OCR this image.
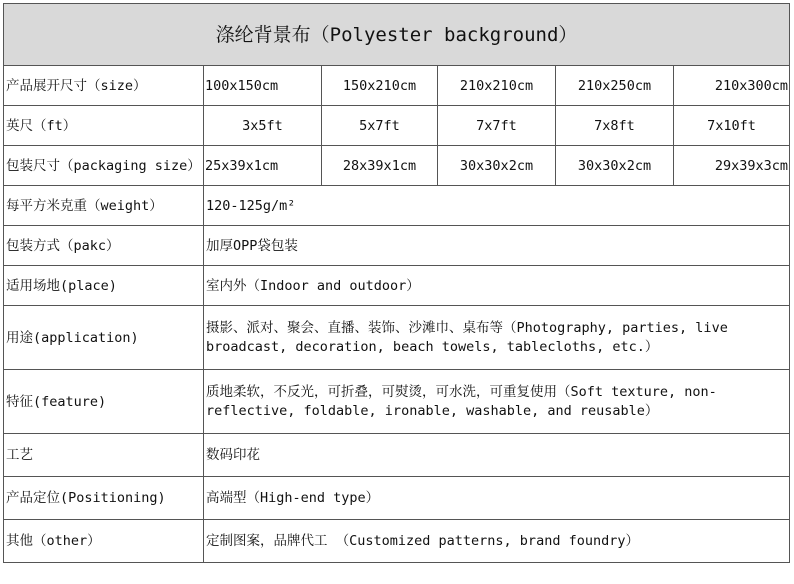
涤纶背景布（Polyester background）					
产品展开尺寸（size）	100x150cm	150x210cm	210x210cm	210x250cm	210x300cm
英尺（ft）	3x5ft	5x7ft	7x7ft	7x8ft	7x10ft
包装尺寸（packaging size）	25x39x1cm	28x39x1cm	30x30x2cm	30x30x2cm	29x39x3cm
每平方米克重（weight）	120-125g/m²				
包装方式（pakc）	加厚OPP袋包装				
适用场地(place)	室内外（Indoor and outdoor）				
用途(application)	摄影、派对、聚会、直播、装饰、沙滩巾、桌布等（Photography, parties, live broadcast, decoration, beach towels, tablecloths, etc.）				
特征(feature)	质地柔软，不反光，可折叠，可熨烫，可水洗，可重复使用（Soft texture, non-reflective, foldable, ironable, washable, and reusable）				
工艺	数码印花				
产品定位(Positioning)	高端型（High-end type）				
其他（other）	定制图案，品牌代工 （Customized patterns, brand foundry）				
